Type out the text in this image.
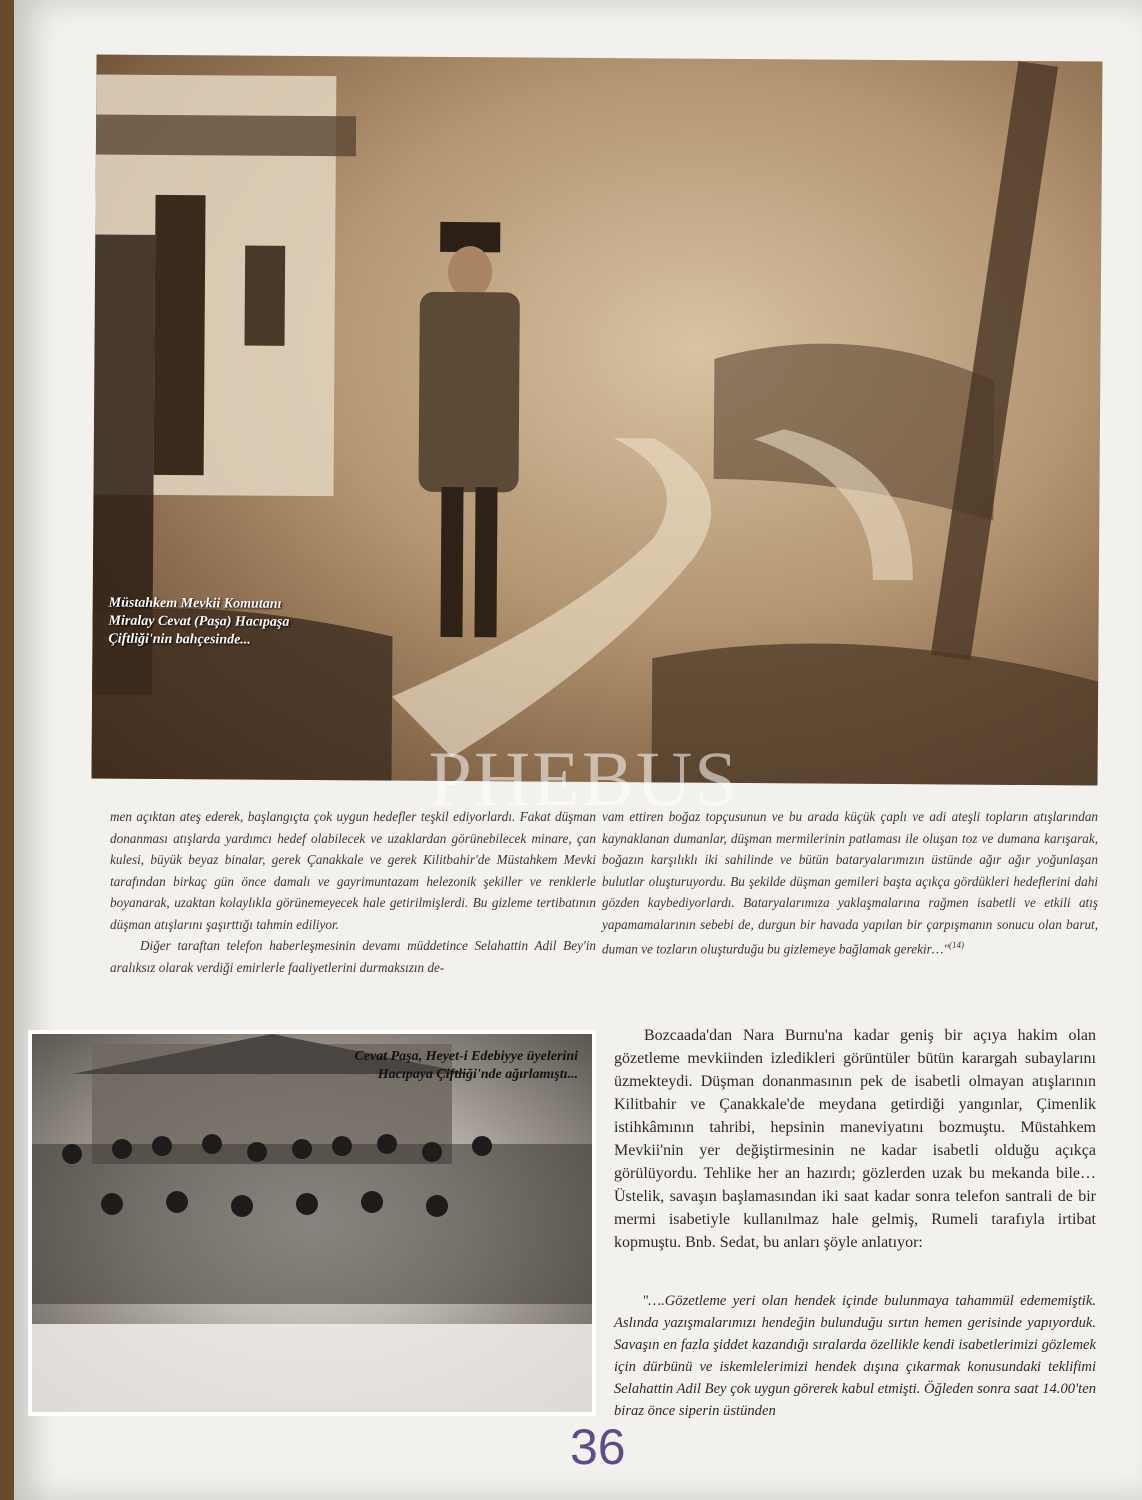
Müstahkem Mevkii Komutanı Miralay Cevat (Paşa) Hacıpaşa Çiftliği'nin bahçesinde...
PHEBUS

men açıktan ateş ederek, başlangıçta çok uygun hedefler teşkil ediyorlardı. Fakat düşman donanması atışlarda yardımcı hedef olabilecek ve uzaklardan görünebilecek minare, çan kulesi, büyük beyaz binalar, gerek Çanakkale ve gerek Kilitbahir'de Müstahkem Mevki tarafından birkaç gün önce damalı ve gayrimuntazam helezonik şekiller ve renklerle boyanarak, uzaktan kolaylıkla görünemeyecek hale getirilmişlerdi. Bu gizleme tertibatının düşman atışlarını şaşırttığı tahmin ediliyor.

Diğer taraftan telefon haberleşmesinin devamı müddetince Selahattin Adil Bey'in aralıksız olarak verdiği emirlerle faaliyetlerini durmaksızın de-

vam ettiren boğaz topçusunun ve bu arada küçük çaplı ve adi ateşli topların atışlarından kaynaklanan dumanlar, düşman mermilerinin patlaması ile oluşan toz ve dumana karışarak, boğazın karşılıklı iki sahilinde ve bütün bataryalarımızın üstünde ağır ağır yoğunlaşan bulutlar oluşturuyordu. Bu şekilde düşman gemileri başta açıkça gördükleri hedeflerini dahi gözden kaybediyorlardı. Bataryalarımıza yaklaşmalarına rağmen isabetli ve etkili atış yapamamalarının sebebi de, durgun bir havada yapılan bir çarpışmanın sonucu olan barut, duman ve tozların oluşturduğu bu gizlemeye bağlamak gerekir…"$^{(14)}$

Cevat Paşa, Heyet-i Edebiyye üyelerini Hacıpaya Çiftliği'nde ağırlamıştı...

Bozcaada'dan Nara Burnu'na kadar geniş bir açıya hakim olan gözetleme mevkiinden izledikleri görüntüler bütün karargah subaylarını üzmekteydi. Düşman donanmasının pek de isabetli olmayan atışlarının Kilitbahir ve Çanakkale'de meydana getirdiği yangınlar, Çimenlik istihkâmının tahribi, hepsinin maneviyatını bozmuştu. Müstahkem Mevkii'nin yer değiştirmesinin ne kadar isabetli olduğu açıkça görülüyordu. Tehlike her an hazırdı; gözlerden uzak bu mekanda bile… Üstelik, savaşın başlamasından iki saat kadar sonra telefon santrali de bir mermi isabetiyle kullanılmaz hale gelmiş, Rumeli tarafıyla irtibat kopmuştu. Bnb. Sedat, bu anları şöyle anlatıyor:

"….Gözetleme yeri olan hendek içinde bulunmaya tahammül edememiştik. Aslında yazışmalarımızı hendeğin bulunduğu sırtın hemen gerisinde yapıyorduk. Savaşın en fazla şiddet kazandığı sıralarda özellikle kendi isabetlerimizi gözlemek için dürbünü ve iskemlelerimizi hendek dışına çıkarmak konusundaki teklifimi Selahattin Adil Bey çok uygun görerek kabul etmişti. Öğleden sonra saat 14.00'ten biraz önce siperin üstünden

36
